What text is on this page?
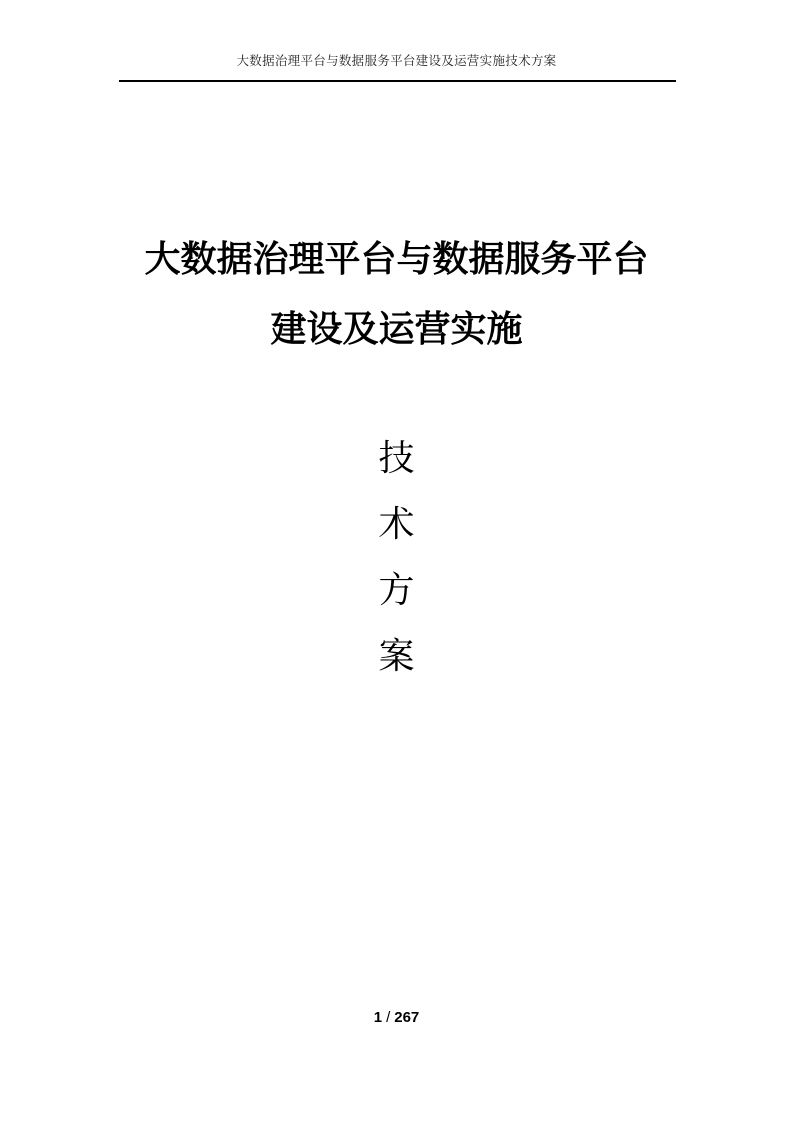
大数据治理平台与数据服务平台建设及运营实施技术方案
大数据治理平台与数据服务平台
建设及运营实施
技
术
方
案
1 / 267
